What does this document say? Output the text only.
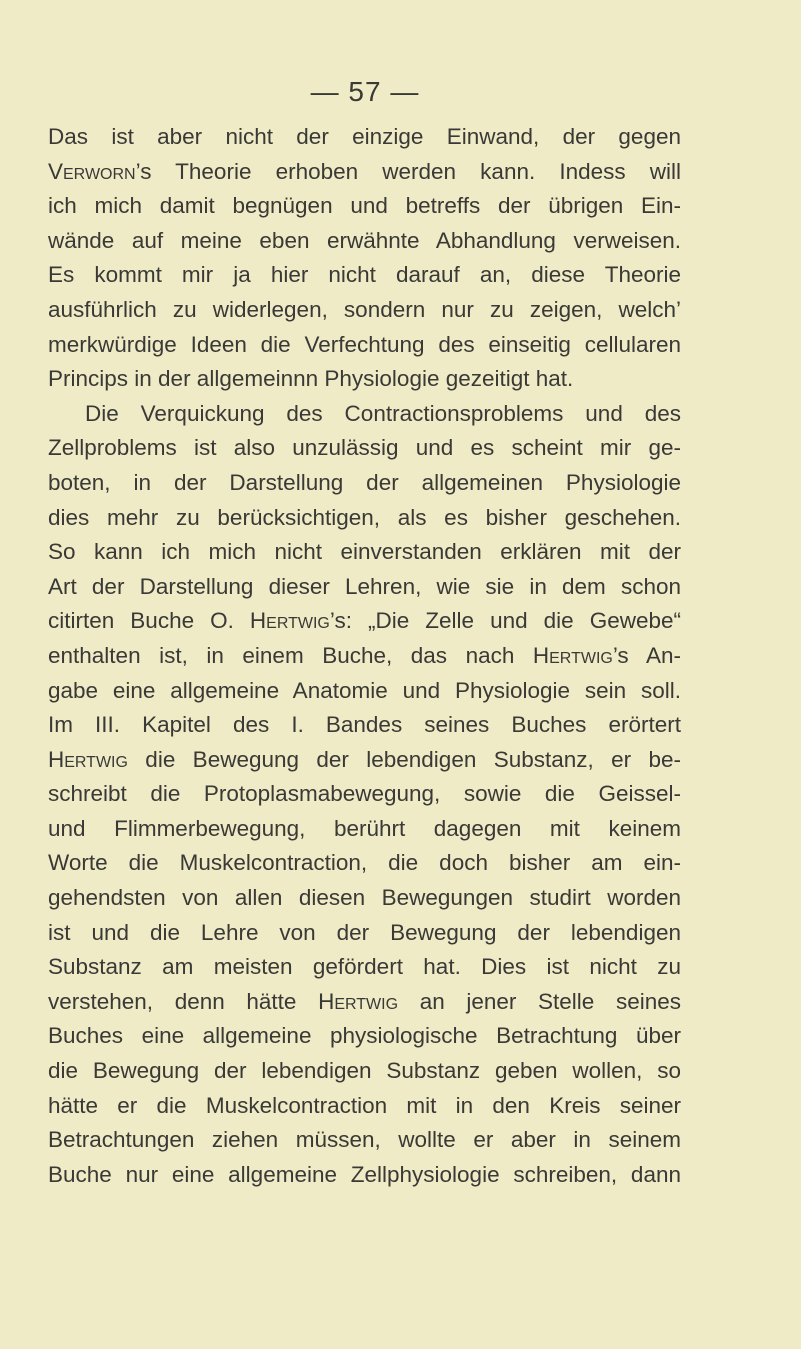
— 57 —
Das ist aber nicht der einzige Einwand, der gegen
Verworn’s Theorie erhoben werden kann. Indess will
ich mich damit begnügen und betreffs der übrigen Ein-
wände auf meine eben erwähnte Abhandlung verweisen.
Es kommt mir ja hier nicht darauf an, diese Theorie
ausführlich zu widerlegen, sondern nur zu zeigen, welch’
merkwürdige Ideen die Verfechtung des einseitig cellularen
Princips in der allgemeinnn Physiologie gezeitigt hat.
Die Verquickung des Contractionsproblems und des
Zellproblems ist also unzulässig und es scheint mir ge-
boten, in der Darstellung der allgemeinen Physiologie
dies mehr zu berücksichtigen, als es bisher geschehen.
So kann ich mich nicht einverstanden erklären mit der
Art der Darstellung dieser Lehren, wie sie in dem schon
citirten Buche O. Hertwig’s: „Die Zelle und die Gewebe“
enthalten ist, in einem Buche, das nach Hertwig’s An-
gabe eine allgemeine Anatomie und Physiologie sein soll.
Im III. Kapitel des I. Bandes seines Buches erörtert
Hertwig die Bewegung der lebendigen Substanz, er be-
schreibt die Protoplasmabewegung, sowie die Geissel-
und Flimmerbewegung, berührt dagegen mit keinem
Worte die Muskelcontraction, die doch bisher am ein-
gehendsten von allen diesen Bewegungen studirt worden
ist und die Lehre von der Bewegung der lebendigen
Substanz am meisten gefördert hat. Dies ist nicht zu
verstehen, denn hätte Hertwig an jener Stelle seines
Buches eine allgemeine physiologische Betrachtung über
die Bewegung der lebendigen Substanz geben wollen, so
hätte er die Muskelcontraction mit in den Kreis seiner
Betrachtungen ziehen müssen, wollte er aber in seinem
Buche nur eine allgemeine Zellphysiologie schreiben, dann
